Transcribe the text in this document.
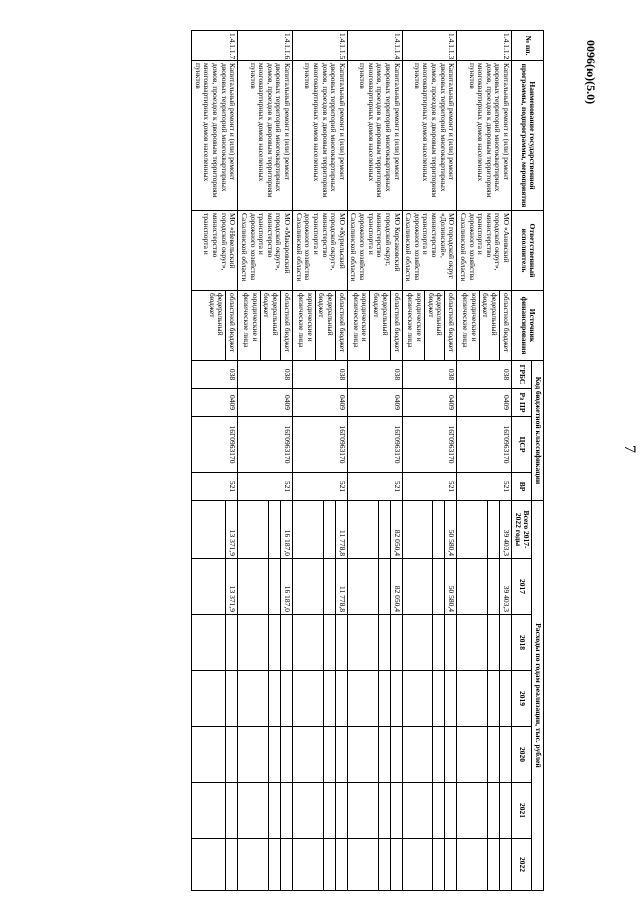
7
0096(ю)(5.0)
№ пп.	Наименование государственной программы, подпрограммы, мероприятия	Ответственный исполнитель	Источник финансирования	Код бюджетной классификации				Расходы по годам реализации, тыс. рублей						
				ГРБС	Рз ПР	ЦСР	ВР	Всего 2017-2022 годы	2017	2018	2019	2020	2021	2022
1.4.1.1.2.	Капитальный ремонт и (или) ремонт дворовых территорий многоквартирных домов, проездов к дворовым территориям многоквартирных домов населенных пунктов	МО «Анивский городской округ», министерство транспорта и дорожного хозяйства Сахалинской области	областной бюджет
федеральный бюджет
юридические и физические лица	038	0409	16Г0963170	521	39 403,3	39 403,3					

1.4.1.1.3.	Капитальный ремонт и (или) ремонт дворовых территорий многоквартирных домов, проездов к дворовым территориям многоквартирных домов населенных пунктов	МО городской округ «Долинский», министерство транспорта и дорожного хозяйства Сахалинской области	областной бюджет
федеральный бюджет
юридические и физические лица	038	0409	16Г0963170	521	50 580,4	50 580,4					

1.4.1.1.4.	Капитальный ремонт и (или) ремонт дворовых территорий многоквартирных домов, проездов к дворовым территориям многоквартирных домов населенных пунктов	МО Корсаковский городской округ, министерство транспорта и дорожного хозяйства Сахалинской области	областной бюджет
федеральный бюджет
юридические и физические лица	038	0409	16Г0963170	521	82 050,4	82 050,4					

1.4.1.1.5.	Капитальный ремонт и (или) ремонт дворовых территорий многоквартирных домов, проездов к дворовым территориям многоквартирных домов населенных пунктов	МО «Курильский городской округ», министерство транспорта и дорожного хозяйства Сахалинской области	областной бюджет
федеральный бюджет
юридические и физические лица	038	0409	16Г0963170	521	11 778,8	11 778,8					

1.4.1.1.6.	Капитальный ремонт и (или) ремонт дворовых территорий многоквартирных домов, проездов к дворовым территориям многоквартирных домов населенных пунктов	МО «Макаровский городской округ», министерство транспорта и дорожного хозяйства Сахалинской области	областной бюджет
федеральный бюджет
юридические и физические лица	038	0409	16Г0963170	521	16 187,0	16 187,0					

1.4.1.1.7.	Капитальный ремонт и (или) ремонт дворовых территорий многоквартирных домов, проездов к дворовым территориям многоквартирных домов населенных пунктов	МО «Невельский городской округ», министерство транспорта и	областной бюджет
федеральный бюджет	038	0409	16Г0963170	521	13 371,9	13 371,9					
